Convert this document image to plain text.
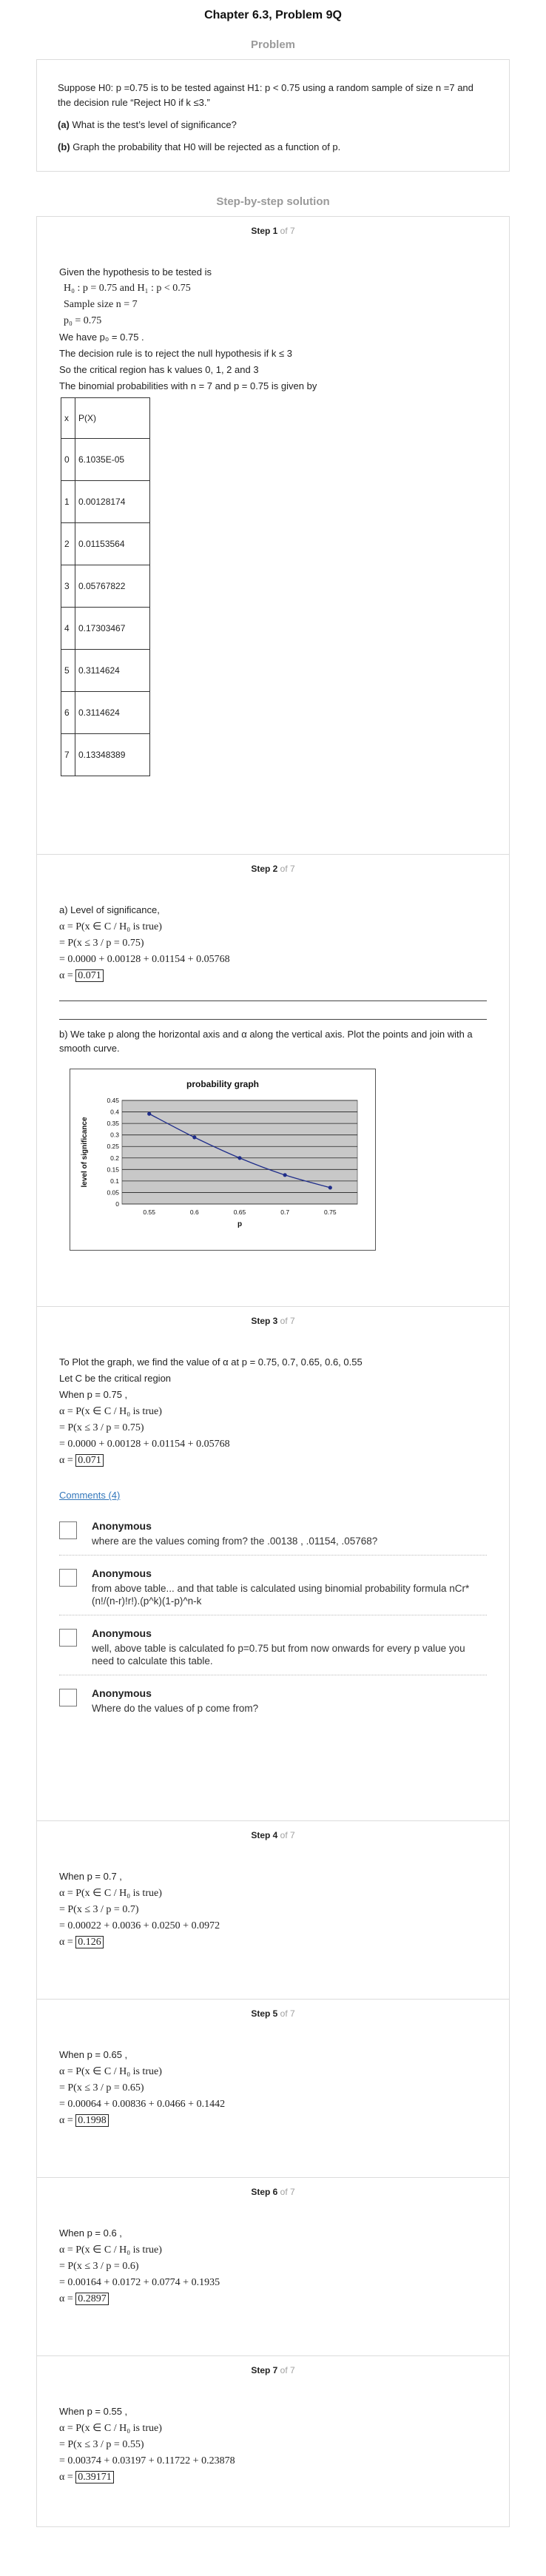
Chapter 6.3, Problem 9Q
Problem

Suppose H0: p =0.75 is to be tested against H1: p < 0.75 using a random sample of size n =7 and the decision rule “Reject H0 if k ≤3.”

(a) What is the test’s level of significance?

(b) Graph the probability that H0 will be rejected as a function of p.

Step-by-step solution
Step 1 of 7
Given the hypothesis to be tested is
H₀ : p = 0.75 and H₁ : p < 0.75
Sample size n = 7
p₀ = 0.75
We have p₀ = 0.75 .
The decision rule is to reject the null hypothesis if k ≤ 3
So the critical region has k values 0, 1, 2 and 3
The binomial probabilities with n = 7 and p = 0.75 is given by
x	P(X)
0	6.1035E-05
1	0.00128174
2	0.01153564
3	0.05767822
4	0.17303467
5	0.3114624
6	0.3114624
7	0.13348389
Step 2 of 7
a) Level of significance,
α = P(x ∈ C / H₀ is true)
= P(x ≤ 3 / p = 0.75)
= 0.0000 + 0.00128 + 0.01154 + 0.05768
α = 0.071
b) We take p along the horizontal axis and α along the vertical axis. Plot the points and join with a smooth curve.
probability graph
0
0.05
0.1
0.15
0.2
0.25
0.3
0.35
0.4
0.45
0.55	0.6	0.65	0.7	0.75
level of significance
p
Step 3 of 7
To Plot the graph, we find the value of α at p = 0.75, 0.7, 0.65, 0.6, 0.55
Let C be the critical region
When p = 0.75 ,
α = P(x ∈ C / H₀ is true)
= P(x ≤ 3 / p = 0.75)
= 0.0000 + 0.00128 + 0.01154 + 0.05768
α = 0.071
Comments (4)
Anonymous
where are the values coming from? the .00138 , .01154, .05768?
Anonymous
from above table... and that table is calculated using binomial probability formula nCr* (n!/(n-r)!r!).(p^k)(1-p)^n-k
Anonymous
well, above table is calculated fo p=0.75 but from now onwards for every p value you need to calculate this table.
Anonymous
Where do the values of p come from?
Step 4 of 7
When p = 0.7 ,
α = P(x ∈ C / H₀ is true)
= P(x ≤ 3 / p = 0.7)
= 0.00022 + 0.0036 + 0.0250 + 0.0972
α = 0.126
Step 5 of 7
When p = 0.65 ,
α = P(x ∈ C / H₀ is true)
= P(x ≤ 3 / p = 0.65)
= 0.00064 + 0.00836 + 0.0466 + 0.1442
α = 0.1998
Step 6 of 7
When p = 0.6 ,
α = P(x ∈ C / H₀ is true)
= P(x ≤ 3 / p = 0.6)
= 0.00164 + 0.0172 + 0.0774 + 0.1935
α = 0.2897
Step 7 of 7
When p = 0.55 ,
α = P(x ∈ C / H₀ is true)
= P(x ≤ 3 / p = 0.55)
= 0.00374 + 0.03197 + 0.11722 + 0.23878
α = 0.39171
